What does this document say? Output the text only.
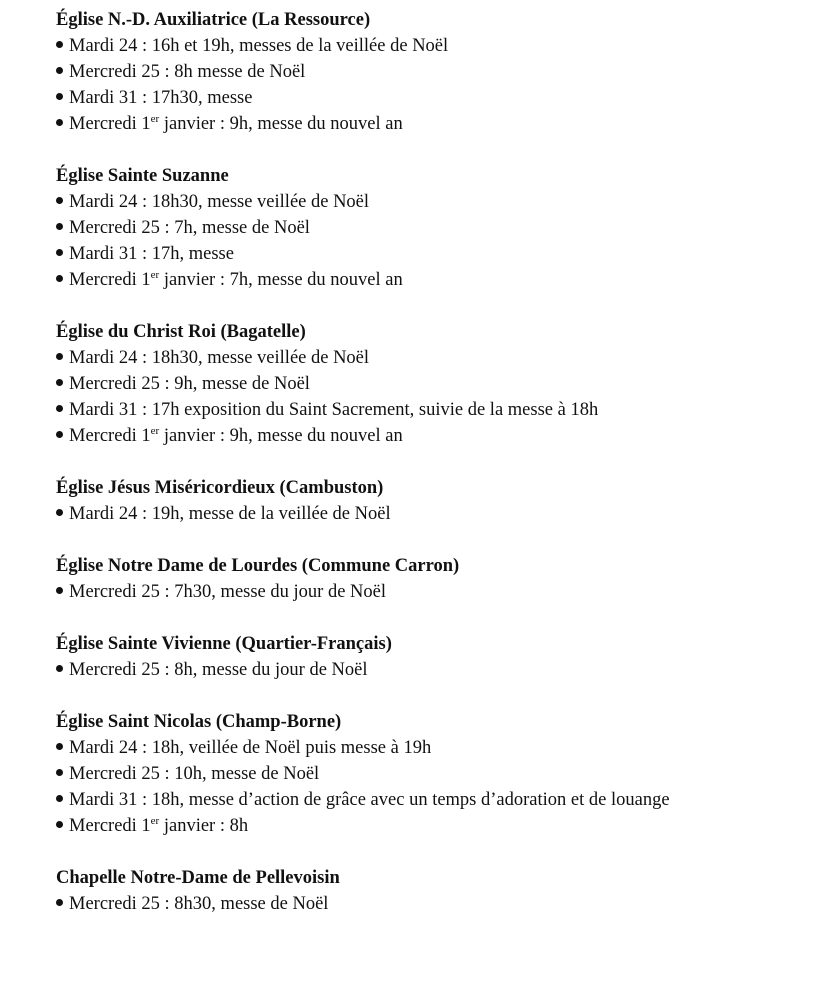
Église N.-D. Auxiliatrice (La Ressource)
Mardi 24 : 16h et 19h, messes de la veillée de Noël
Mercredi 25 : 8h messe de Noël
Mardi 31 : 17h30, messe
Mercredi 1er janvier : 9h, messe du nouvel an
Église Sainte Suzanne
Mardi 24 : 18h30, messe veillée de Noël
Mercredi 25 : 7h, messe de Noël
Mardi 31 : 17h, messe
Mercredi 1er janvier : 7h, messe du nouvel an
Église du Christ Roi (Bagatelle)
Mardi 24 : 18h30, messe veillée de Noël
Mercredi 25 : 9h, messe de Noël
Mardi 31 : 17h exposition du Saint Sacrement, suivie de la messe à 18h
Mercredi 1er janvier : 9h, messe du nouvel an
Église Jésus Miséricordieux (Cambuston)
Mardi 24 : 19h, messe de la veillée de Noël
Église Notre Dame de Lourdes (Commune Carron)
Mercredi 25 : 7h30, messe du jour de Noël
Église Sainte Vivienne (Quartier-Français)
Mercredi 25 : 8h, messe du jour de Noël
Église Saint Nicolas (Champ-Borne)
Mardi 24 : 18h, veillée de Noël puis messe à 19h
Mercredi 25 : 10h, messe de Noël
Mardi 31 : 18h, messe d’action de grâce avec un temps d’adoration et de louange
Mercredi 1er janvier : 8h
Chapelle Notre-Dame de Pellevoisin
Mercredi 25 : 8h30, messe de Noël
